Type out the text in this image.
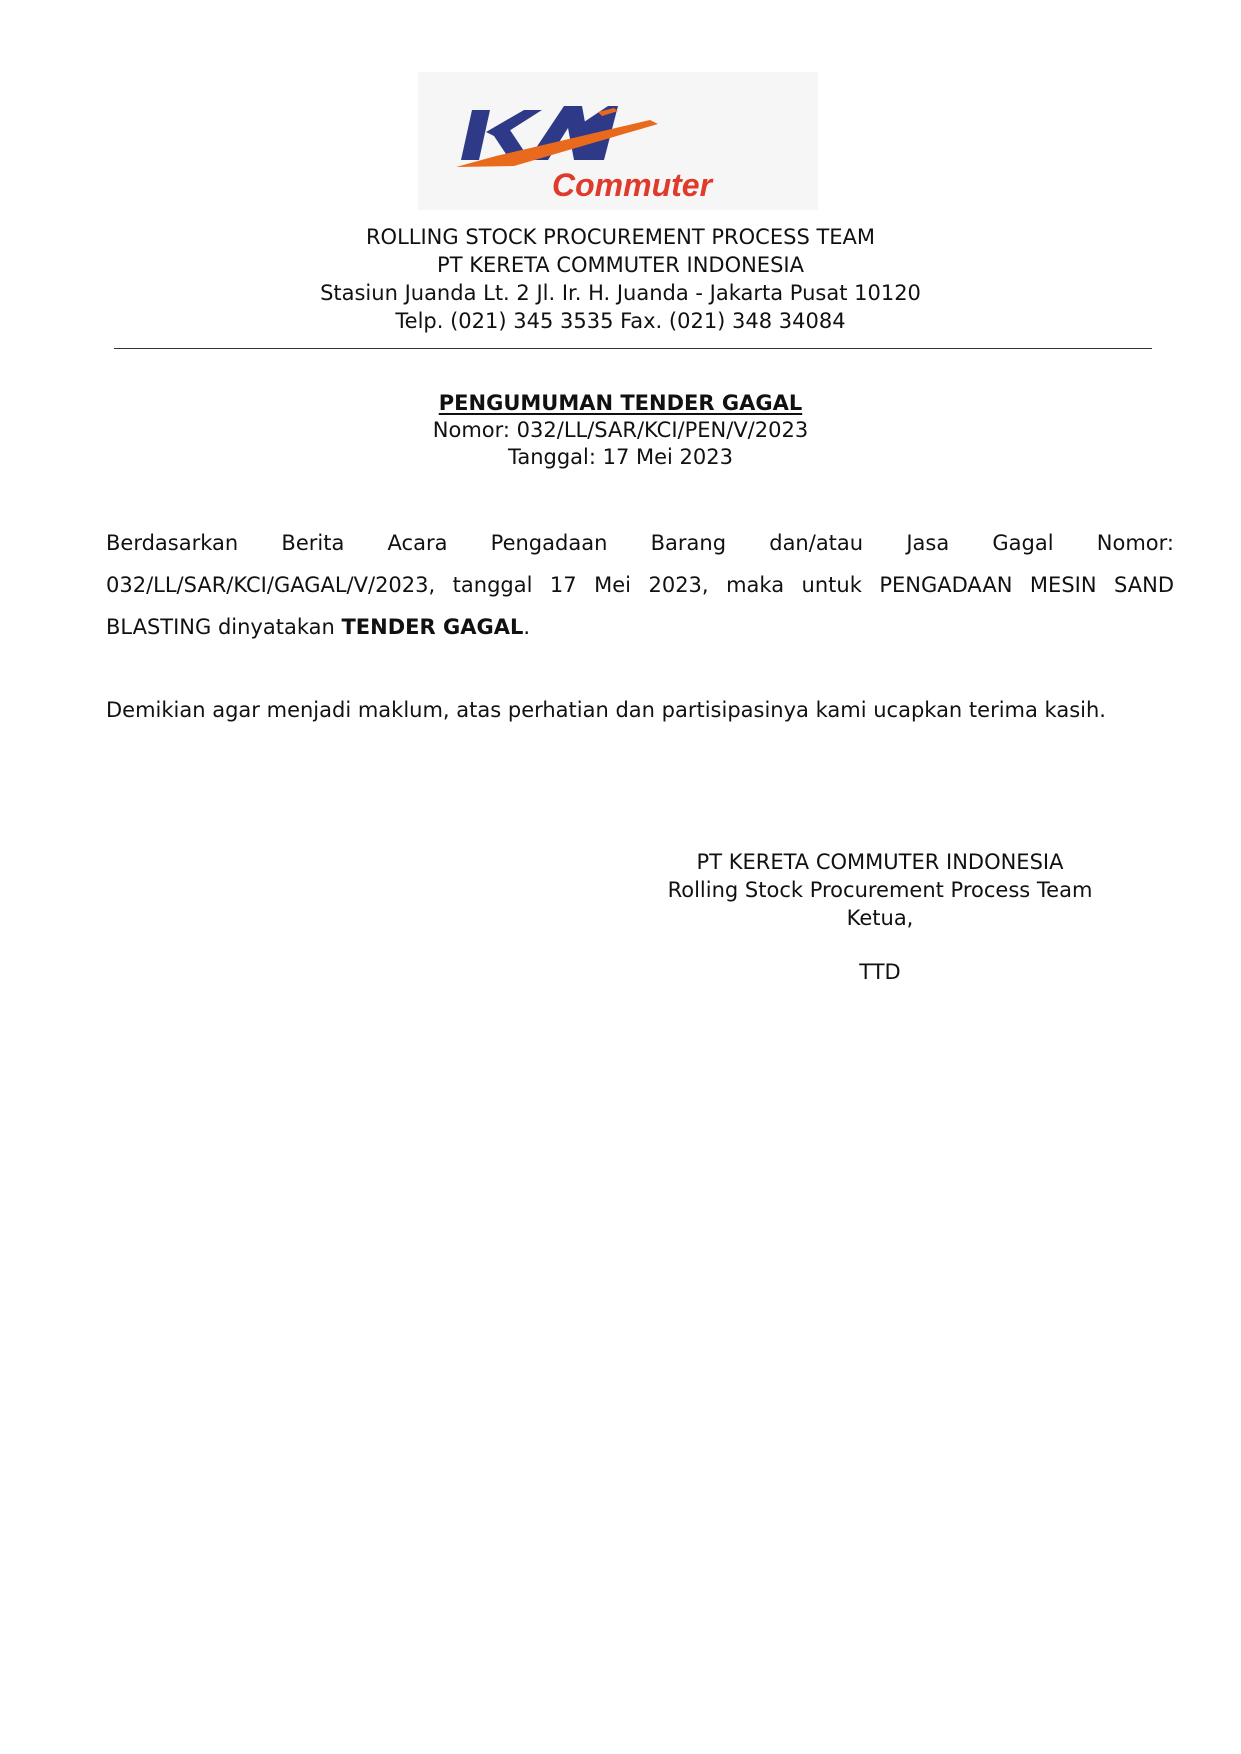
Commuter
ROLLING STOCK PROCUREMENT PROCESS TEAM
PT KERETA COMMUTER INDONESIA
Stasiun Juanda Lt. 2 Jl. Ir. H. Juanda - Jakarta Pusat 10120
Telp. (021) 345 3535 Fax. (021) 348 34084
PENGUMUMAN TENDER GAGAL
Nomor: 032/LL/SAR/KCI/PEN/V/2023
Tanggal: 17 Mei 2023

Berdasarkan Berita Acara Pengadaan Barang dan/atau Jasa Gagal Nomor: 032/LL/SAR/KCI/GAGAL/V/2023, tanggal 17 Mei 2023, maka untuk PENGADAAN MESIN SAND BLASTING dinyatakan TENDER GAGAL.

Demikian agar menjadi maklum, atas perhatian dan partisipasinya kami ucapkan terima kasih.

PT KERETA COMMUTER INDONESIA
Rolling Stock Procurement Process Team
Ketua,
TTD
